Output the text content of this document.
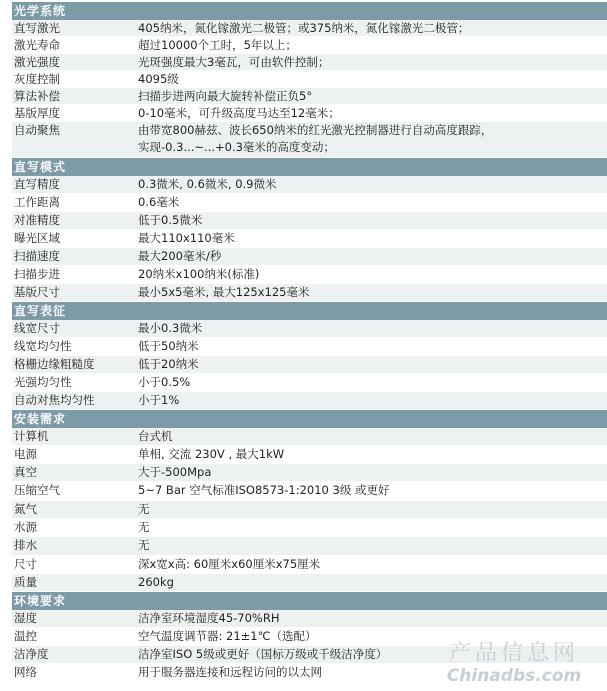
光学系统
直写激光	405纳米，氮化镓激光二极管；或375纳米，氮化镓激光二极管；
激光寿命	超过10000个工时，5年以上；
激光强度	光斑强度最大3毫瓦，可由软件控制；
灰度控制	4095级
算法补偿	扫描步进两向最大旋转补偿正负5°
基版厚度	0-10毫米，可升级高度马达至12毫米；
自动聚焦	由带宽800赫兹、波长650纳米的红光激光控制器进行自动高度跟踪，
实现-0.3...~...+0.3毫米的高度变动；
直写模式
直写精度	0.3微米, 0.6微米, 0.9微米
工作距离	0.6毫米
对准精度	低于0.5微米
曝光区域	最大110x110毫米
扫描速度	最大200毫米/秒
扫描步进	20纳米x100纳米(标准)
基版尺寸	最小5x5毫米, 最大125x125毫米
直写表征
线宽尺寸	最小0.3微米
线宽均匀性	低于50纳米
格栅边缘粗糙度	低于20纳米
光强均匀性	小于0.5%
自动对焦均匀性	小于1%
安装需求
计算机	台式机
电源	单相, 交流 230V , 最大1kW
真空	大于-500Mpa
压缩空气	5~7 Bar 空气标准ISO8573-1:2010 3级 或更好
氮气	无
水源	无
排水	无
尺寸	深x宽x高: 60厘米x60厘米x75厘米
质量	260kg
环境要求
湿度	洁净室环境湿度45-70%RH
温控	空气温度调节器: 21±1℃（选配）
洁净度	洁净室ISO 5级或更好（国标万级或千级洁净度）
网络	用于服务器连接和远程访问的以太网
产品信息网
Chinadbs.com
